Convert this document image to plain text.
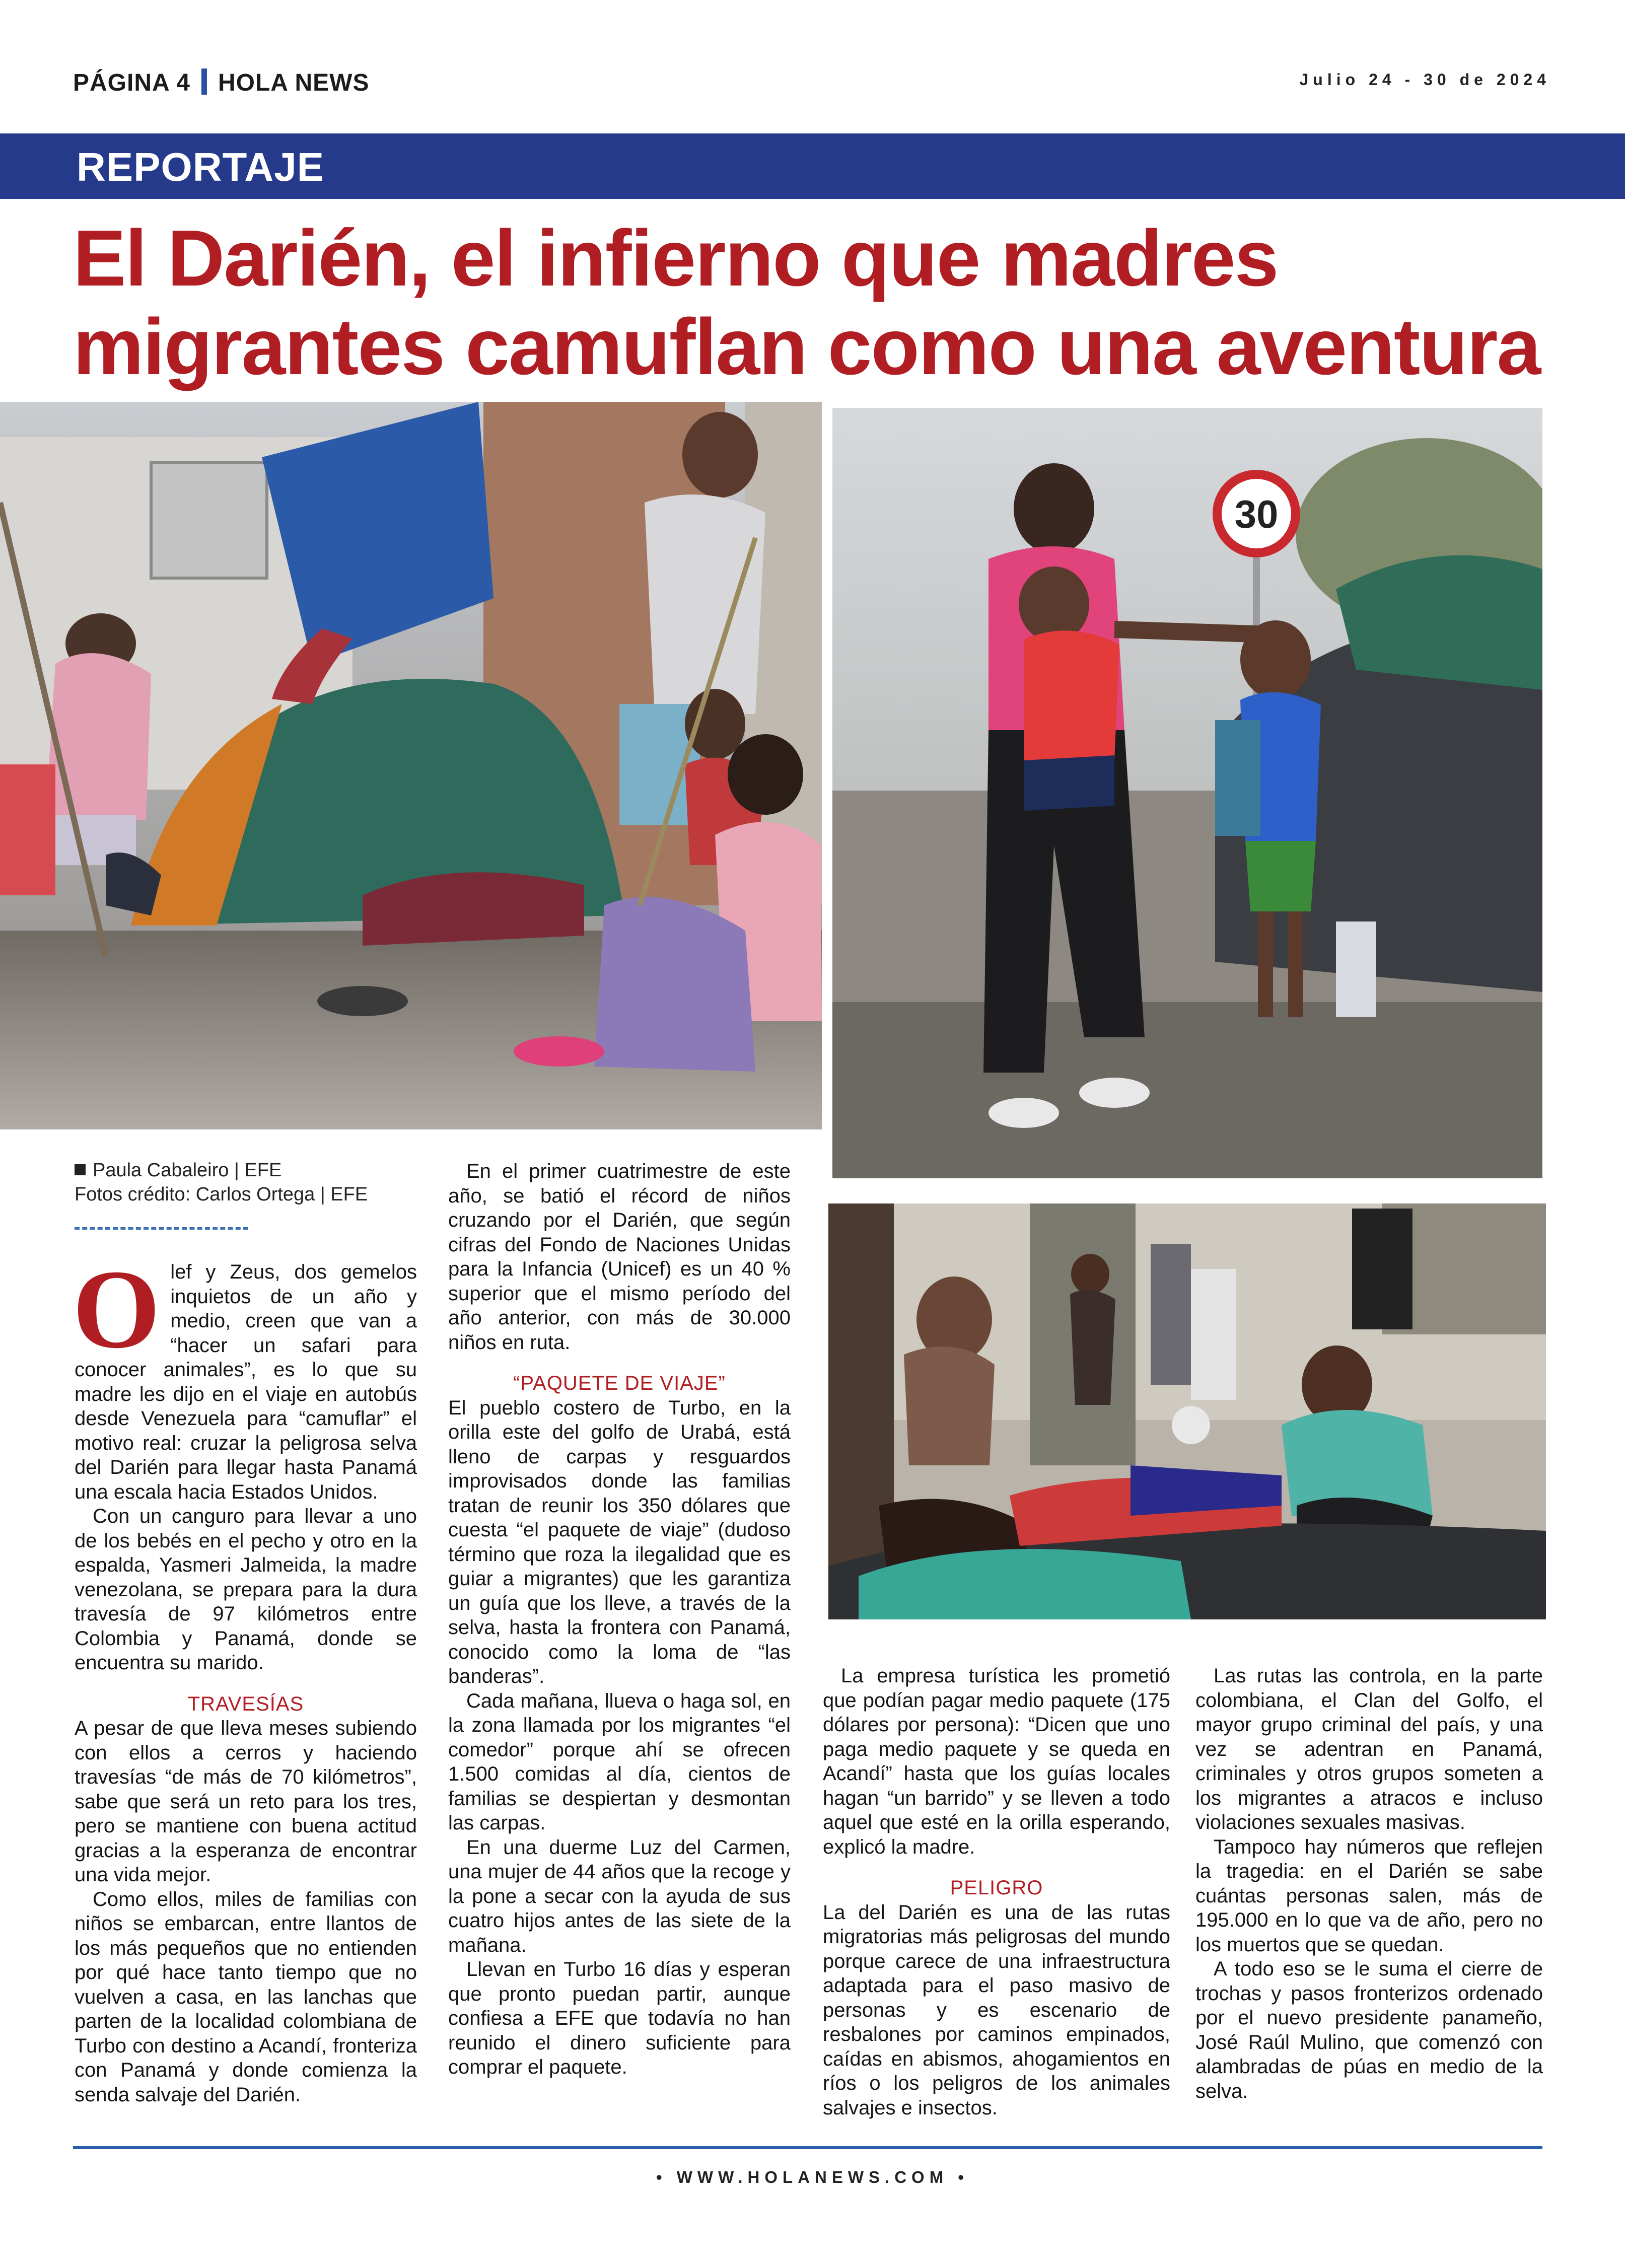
PÁGINA 4 HOLA NEWS	Julio 24 - 30 de 2024
REPORTAJE
El Darién, el infierno que madres migrantes camuflan como una aventura
30
Paula Cabaleiro | EFE
Fotos crédito: Carlos Ortega | EFE

Olef y Zeus, dos gemelos inquietos de un año y medio, creen que van a “hacer un safari para conocer animales”, es lo que su madre les dijo en el viaje en autobús desde Venezuela para “camuflar” el motivo real: cruzar la peligrosa selva del Darién para llegar hasta Panamá una escala hacia Estados Unidos.

Con un canguro para llevar a uno de los bebés en el pecho y otro en la espalda, Yasmeri Jalmeida, la madre venezolana, se prepara para la dura travesía de 97 kilómetros entre Colombia y Panamá, donde se encuentra su marido.

TRAVESÍAS

A pesar de que lleva meses subiendo con ellos a cerros y haciendo travesías “de más de 70 kilómetros”, sabe que será un reto para los tres, pero se mantiene con buena actitud gracias a la esperanza de encontrar una vida mejor.

Como ellos, miles de familias con niños se embarcan, entre llantos de los más pequeños que no entienden por qué hace tanto tiempo que no vuelven a casa, en las lanchas que parten de la localidad colombiana de Turbo con destino a Acandí, fronteriza con Panamá y donde comienza la senda salvaje del Darién.

En el primer cuatrimestre de este año, se batió el récord de niños cruzando por el Darién, que según cifras del Fondo de Naciones Unidas para la Infancia (Unicef) es un 40 % superior que el mismo período del año anterior, con más de 30.000 niños en ruta.

“PAQUETE DE VIAJE”

El pueblo costero de Turbo, en la orilla este del golfo de Urabá, está lleno de carpas y resguardos improvisados donde las familias tratan de reunir los 350 dólares que cuesta “el paquete de viaje” (dudoso término que roza la ilegalidad que es guiar a migrantes) que les garantiza un guía que los lleve, a través de la selva, hasta la frontera con Panamá, conocido como la loma de “las banderas”.

Cada mañana, llueva o haga sol, en la zona llamada por los migrantes “el comedor” porque ahí se ofrecen 1.500 comidas al día, cientos de familias se despiertan y desmontan las carpas.

En una duerme Luz del Carmen, una mujer de 44 años que la recoge y la pone a secar con la ayuda de sus cuatro hijos antes de las siete de la mañana.

Llevan en Turbo 16 días y esperan que pronto puedan partir, aunque confiesa a EFE que todavía no han reunido el dinero suficiente para comprar el paquete.

La empresa turística les prometió que podían pagar medio paquete (175 dólares por persona): “Dicen que uno paga medio paquete y se queda en Acandí” hasta que los guías locales hagan “un barrido” y se lleven a todo aquel que esté en la orilla esperando, explicó la madre.

PELIGRO

La del Darién es una de las rutas migratorias más peligrosas del mundo porque carece de una infraestructura adaptada para el paso masivo de personas y es escenario de resbalones por caminos empinados, caídas en abismos, ahogamientos en ríos o los peligros de los animales salvajes e insectos.

Las rutas las controla, en la parte colombiana, el Clan del Golfo, el mayor grupo criminal del país, y una vez se adentran en Panamá, criminales y otros grupos someten a los migrantes a atracos e incluso violaciones sexuales masivas.

Tampoco hay números que reflejen la tragedia: en el Darién se sabe cuántas personas salen, más de 195.000 en lo que va de año, pero no los muertos que se quedan.

A todo eso se le suma el cierre de trochas y pasos fronterizos ordenado por el nuevo presidente panameño, José Raúl Mulino, que comenzó con alambradas de púas en medio de la selva.

• WWW.HOLANEWS.COM •
